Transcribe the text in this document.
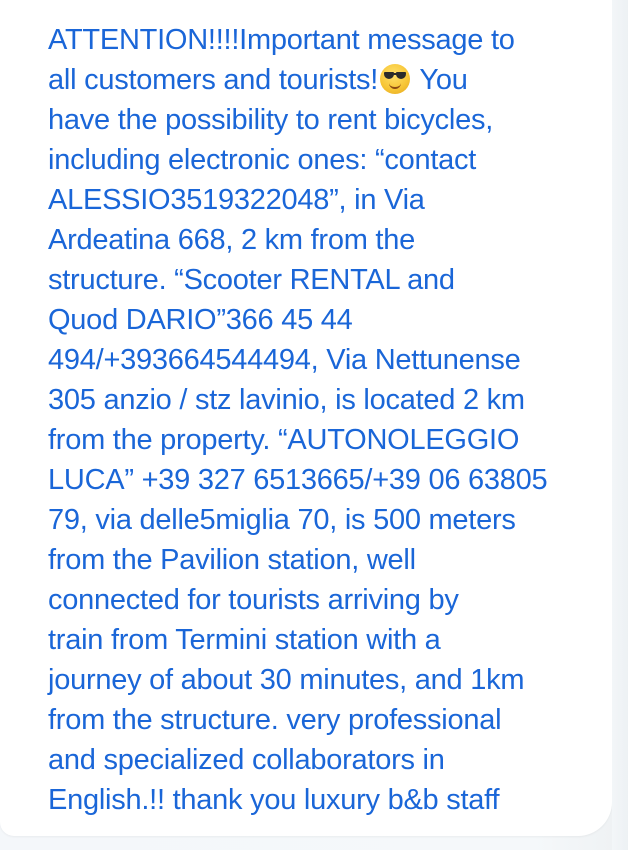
ATTENTION!!!!Important message to
all customers and tourists!
You
have the possibility to rent bicycles,
including electronic ones: “contact
ALESSIO3519322048”, in Via
Ardeatina 668, 2 km from the
structure. “Scooter RENTAL and
Quod DARIO”366 45 44
494/+393664544494, Via Nettunense
305 anzio / stz lavinio, is located 2 km
from the property. “AUTONOLEGGIO
LUCA” +39 327 6513665/+39 06 63805
79, via delle5miglia 70, is 500 meters
from the Pavilion station, well
connected for tourists arriving by
train from Termini station with a
journey of about 30 minutes, and 1km
from the structure. very professional
and specialized collaborators in
English.!! thank you luxury b&b staff
